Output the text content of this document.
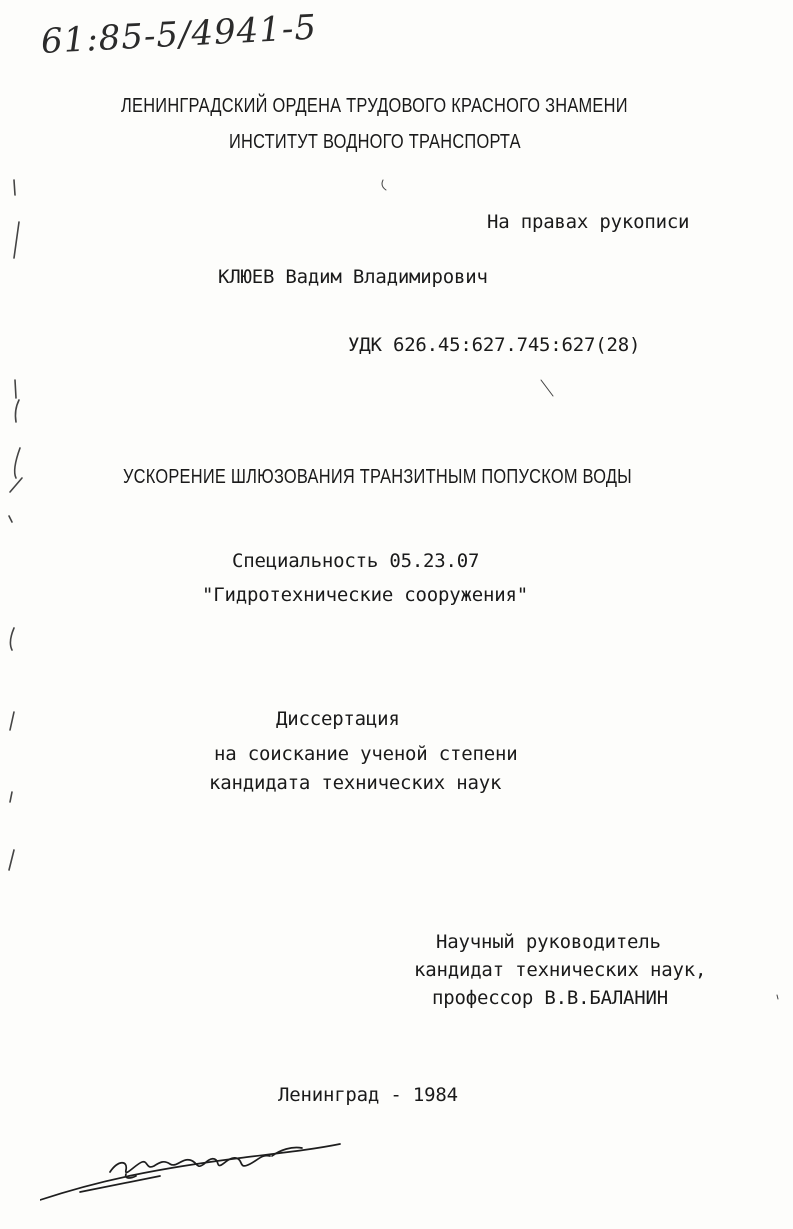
61:85-5/4941-5
ЛЕНИНГРАДСКИЙ ОРДЕНА ТРУДОВОГО КРАСНОГО ЗНАМЕНИ
ИНСТИТУТ ВОДНОГО ТРАНСПОРТА
На правах рукописи
КЛЮЕВ Вадим Владимирович
УДК 626.45:627.745:627(28)
УСКОРЕНИЕ ШЛЮЗОВАНИЯ ТРАНЗИТНЫМ ПОПУСКОМ ВОДЫ
Специальность 05.23.07
"Гидротехнические сооружения"
Диссертация
на соискание ученой степени
кандидата технических наук
Научный руководитель
кандидат технических наук,
профессор В.В.БАЛАНИН
Ленинград - 1984
